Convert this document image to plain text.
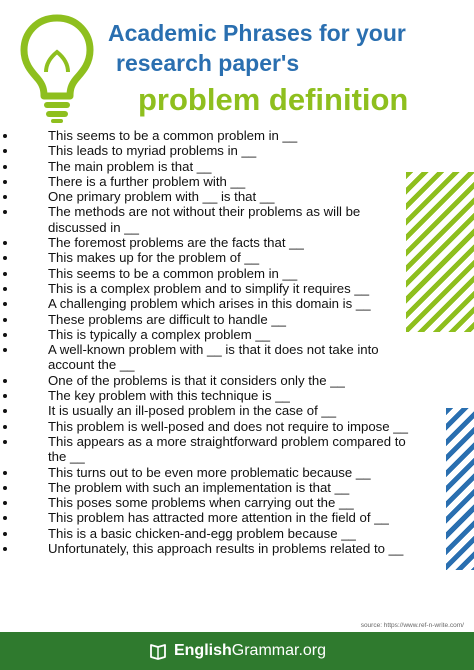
Academic Phrases for your
research paper's
problem definition
This seems to be a common problem in __
This leads to myriad problems in __
The main problem is that __
There is a further problem with __
One primary problem with __ is that __
The methods are not without their problems as will be discussed in __
The foremost problems are the facts that __
This makes up for the problem of __
This seems to be a common problem in __
This is a complex problem and to simplify it requires __
A challenging problem which arises in this domain is __
These problems are difficult to handle __
This is typically a complex problem __
A well-known problem with __ is that it does not take into account the __
One of the problems is that it considers only the __
The key problem with this technique is __
It is usually an ill-posed problem in the case of __
This problem is well-posed and does not require to impose __
This appears as a more straightforward problem compared to the __
This turns out to be even more problematic because __
The problem with such an implementation is that __
This poses some problems when carrying out the __
This problem has attracted more attention in the field of __
This is a basic chicken-and-egg problem because __
Unfortunately, this approach results in problems related to __
source: https://www.ref-n-write.com/
English Grammar.org
